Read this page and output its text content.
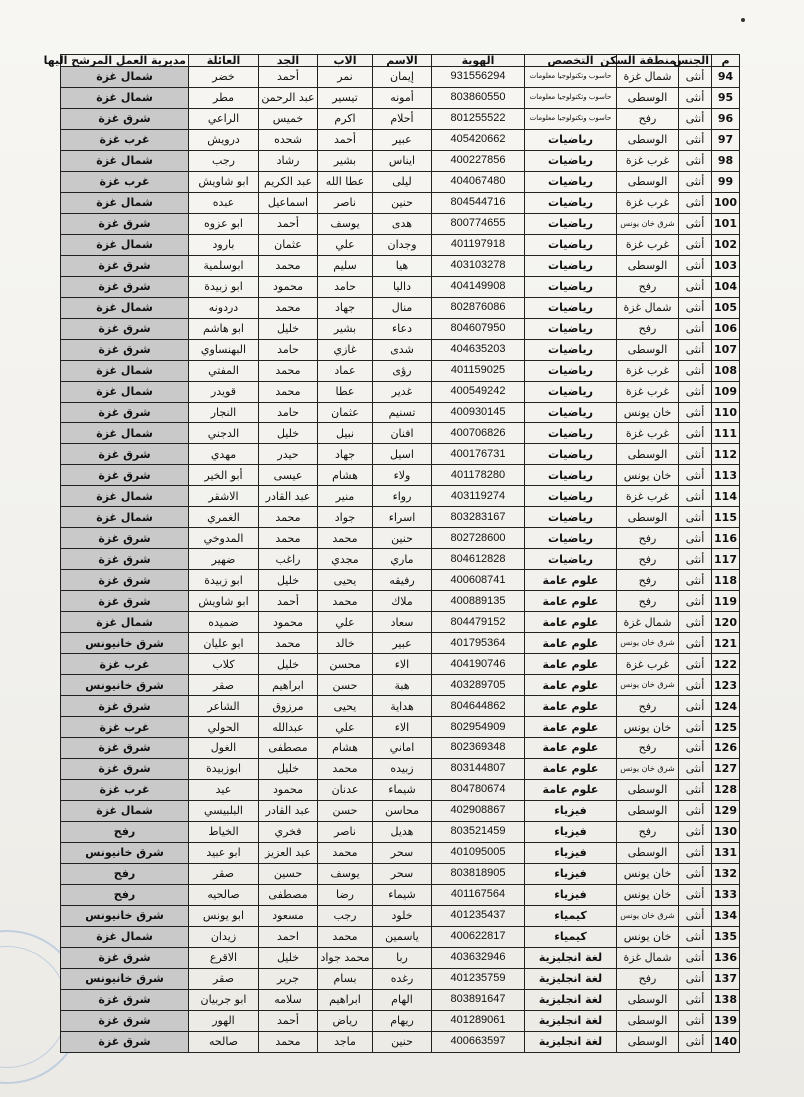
م	الجنس	منطقة السكن	التخصص	الهوية	الاسم	الاب	الجد	العائلة	مديرية العمل المرشح اليها
94	أنثى	شمال غزة	حاسوب وتكنولوجيا معلومات	931556294	إيمان	نمر	أحمد	خضر	شمال غزة
95	أنثى	الوسطى	حاسوب وتكنولوجيا معلومات	803860550	أمونه	تيسير	عبد الرحمن	مطر	شمال غزة
96	أنثى	رفح	حاسوب وتكنولوجيا معلومات	801255522	أحلام	اكرم	خميس	الراعي	شرق غزة
97	أنثى	الوسطى	رياضيات	405420662	عبير	أحمد	شحده	درويش	غرب غزة
98	أنثى	غرب غزة	رياضيات	400227856	ايناس	بشير	رشاد	رجب	شمال غزة
99	أنثى	الوسطى	رياضيات	404067480	ليلى	عطا الله	عبد الكريم	ابو شاويش	غرب غزة
100	أنثى	غرب غزة	رياضيات	804544716	حنين	ناصر	اسماعيل	عبده	شمال غزة
101	أنثى	شرق خان يونس	رياضيات	800774655	هدى	يوسف	أحمد	ابو عزوه	شرق غزة
102	أنثى	غرب غزة	رياضيات	401197918	وجدان	علي	عثمان	بارود	شمال غزة
103	أنثى	الوسطى	رياضيات	403103278	هيا	سليم	محمد	ابوسلمية	شرق غزة
104	أنثى	رفح	رياضيات	404149908	داليا	حامد	محمود	ابو زبيدة	شرق غزة
105	أنثى	شمال غزة	رياضيات	802876086	منال	جهاد	محمد	دردونه	شمال غزة
106	أنثى	رفح	رياضيات	804607950	دعاء	بشير	خليل	ابو هاشم	شرق غزة
107	أنثى	الوسطى	رياضيات	404635203	شدى	غازي	حامد	البهنساوي	شرق غزة
108	أنثى	غرب غزة	رياضيات	401159025	رؤى	عماد	محمد	المفتي	شمال غزة
109	أنثى	غرب غزة	رياضيات	400549242	غدير	عطا	محمد	قويدر	شمال غزة
110	أنثى	خان يونس	رياضيات	400930145	تسنيم	عثمان	حامد	النجار	شرق غزة
111	أنثى	غرب غزة	رياضيات	400706826	افنان	نبيل	خليل	الدجني	شمال غزة
112	أنثى	الوسطى	رياضيات	400176731	اسيل	جهاد	حيدر	مهدي	شرق غزة
113	أنثى	خان يونس	رياضيات	401178280	ولاء	هشام	عيسى	أبو الخير	شرق غزة
114	أنثى	غرب غزة	رياضيات	403119274	رواء	منير	عبد القادر	الاشقر	شمال غزة
115	أنثى	الوسطى	رياضيات	803283167	اسراء	جواد	محمد	الغمري	شمال غزة
116	أنثى	رفح	رياضيات	802728600	حنين	محمد	محمد	المدوخي	شرق غزة
117	أنثى	رفح	رياضيات	804612828	ماري	مجدي	راغب	ضهير	شرق غزة
118	أنثى	رفح	علوم عامة	400608741	رفيقه	يحيى	خليل	ابو زبيدة	شرق غزة
119	أنثى	رفح	علوم عامة	400889135	ملاك	محمد	أحمد	ابو شاويش	شرق غزة
120	أنثى	شمال غزة	علوم عامة	804479152	سعاد	علي	محمود	ضميده	شمال غزة
121	أنثى	شرق خان يونس	علوم عامة	401795364	عبير	خالد	محمد	ابو عليان	شرق خانيونس
122	أنثى	غرب غزة	علوم عامة	404190746	الاء	محسن	خليل	كلاب	غرب غزة
123	أنثى	شرق خان يونس	علوم عامة	403289705	هبة	حسن	ابراهيم	صقر	شرق خانيونس
124	أنثى	رفح	علوم عامة	804644862	هداية	يحيى	مرزوق	الشاعر	شرق غزة
125	أنثى	خان يونس	علوم عامة	802954909	الاء	علي	عبدالله	الحولي	غرب غزة
126	أنثى	رفح	علوم عامة	802369348	اماني	هشام	مصطفى	الغول	شرق غزة
127	أنثى	شرق خان يونس	علوم عامة	803144807	زبيده	محمد	خليل	ابوزبيدة	شرق غزة
128	أنثى	الوسطى	علوم عامة	804780674	شيماء	عدنان	محمود	عيد	غرب غزة
129	أنثى	الوسطى	فيزياء	402908867	محاسن	حسن	عبد القادر	البلبيسي	شمال غزة
130	أنثى	رفح	فيزياء	803521459	هديل	ناصر	فخري	الخياط	رفح
131	أنثى	الوسطى	فيزياء	401095005	سحر	محمد	عبد العزيز	ابو عبيد	شرق خانيونس
132	أنثى	خان يونس	فيزياء	803818905	سحر	يوسف	حسين	صقر	رفح
133	أنثى	خان يونس	فيزياء	401167564	شيماء	رضا	مصطفى	صالحيه	رفح
134	أنثى	شرق خان يونس	كيمياء	401235437	خلود	رجب	مسعود	ابو يونس	شرق خانيونس
135	أنثى	خان يونس	كيمياء	400622817	ياسمين	محمد	احمد	زيدان	شمال غزة
136	أنثى	شمال غزة	لغة انجليزية	403632946	ربا	محمد جواد	خليل	الاقرع	شرق غزة
137	أنثى	رفح	لغة انجليزية	401235759	رغده	بسام	جرير	صقر	شرق خانيونس
138	أنثى	الوسطى	لغة انجليزية	803891647	الهام	ابراهيم	سلامه	ابو جربيان	شرق غزة
139	أنثى	الوسطى	لغة انجليزية	401289061	ريهام	رياض	أحمد	الهور	شرق غزة
140	أنثى	الوسطى	لغة انجليزية	400663597	حنين	ماجد	محمد	صالحه	شرق غزة
